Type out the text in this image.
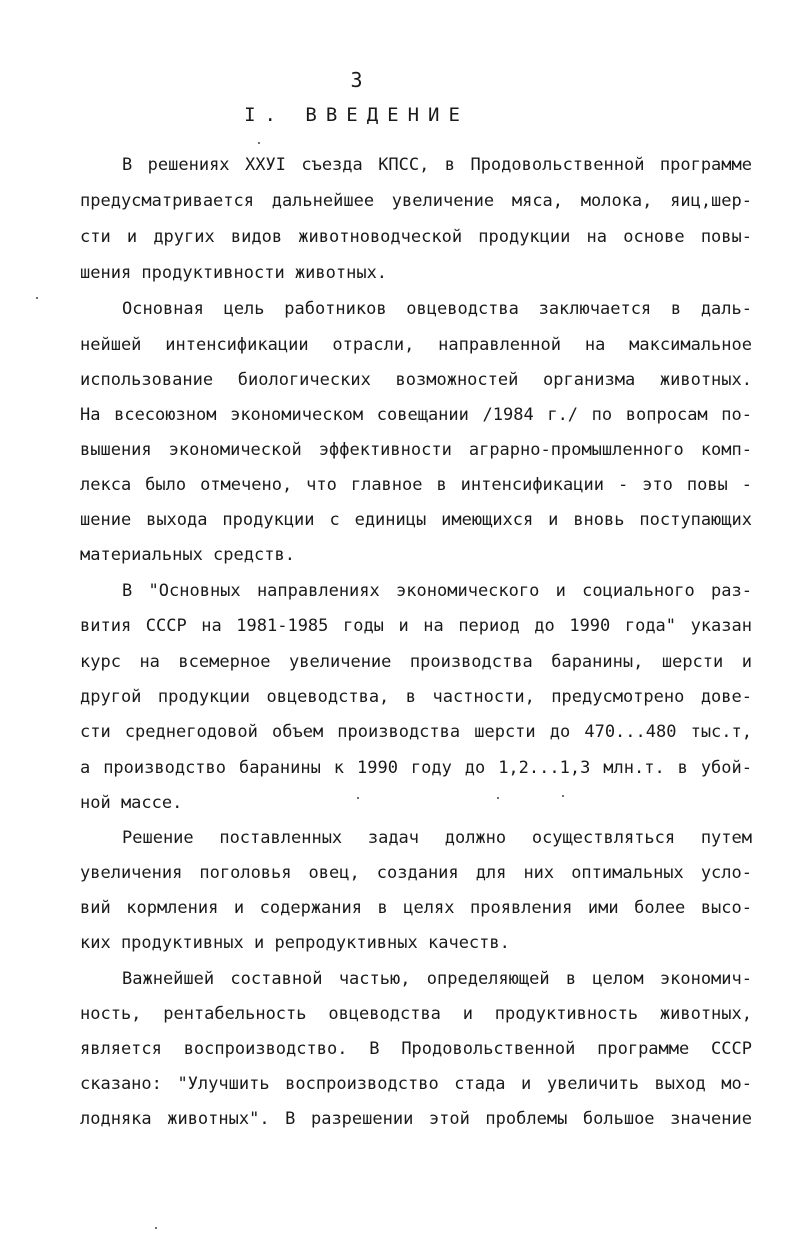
3
I. ВВЕДЕНИЕ
В решениях XXУI съезда КПСС, в Продовольственной программе
предусматривается дальнейшее увеличение мяса, молока, яиц,шер-
сти и других видов животноводческой продукции на основе повы-
шения продуктивности животных.
Основная цель работников овцеводства заключается в даль-
нейшей интенсификации отрасли, направленной на максимальное
использование биологических возможностей организма животных.
На всесоюзном экономическом совещании /1984 г./ по вопросам по-
вышения экономической эффективности аграрно-промышленного комп-
лекса было отмечено, что главное в интенсификации - это повы -
шение выхода продукции с единицы имеющихся и вновь поступающих
материальных средств.
В "Основных направлениях экономического и социального раз-
вития СССР на 1981-1985 годы и на период до 1990 года" указан
курс на всемерное увеличение производства баранины, шерсти и
другой продукции овцеводства, в частности, предусмотрено дове-
сти среднегодовой объем производства шерсти до 470...480 тыс.т,
а производство баранины к 1990 году до 1,2...1,3 млн.т. в убой-
ной массе.
Решение поставленных задач должно осуществляться путем
увеличения поголовья овец, создания для них оптимальных усло-
вий кормления и содержания в целях проявления ими более высо-
ких продуктивных и репродуктивных качеств.
Важнейшей составной частью, определяющей в целом экономич-
ность, рентабельность овцеводства и продуктивность животных,
является воспроизводство. В Продовольственной программе СССР
сказано: "Улучшить воспроизводство стада и увеличить выход мо-
лодняка животных". В разрешении этой проблемы большое значение
